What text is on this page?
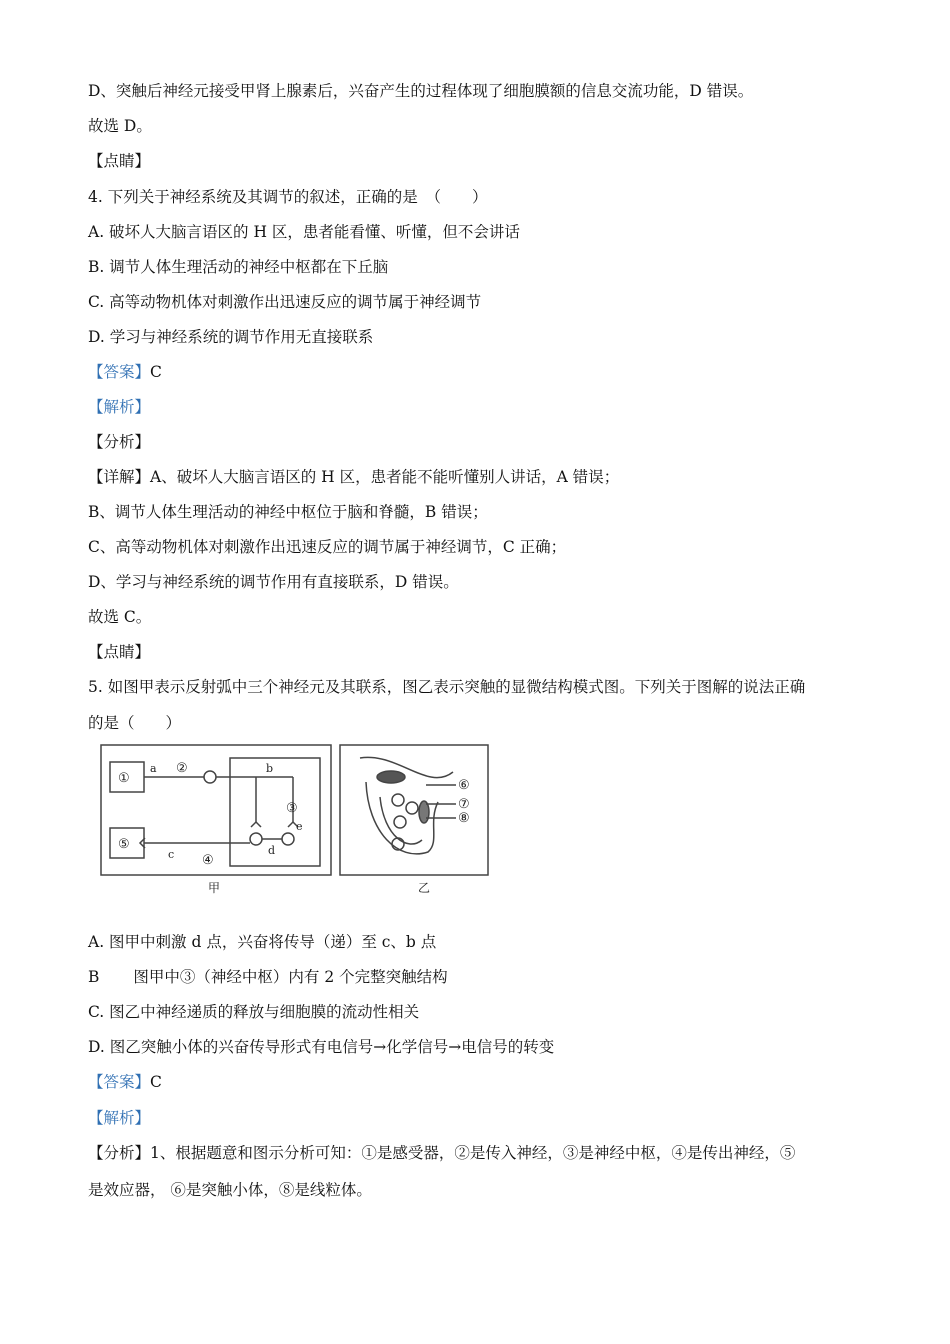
D、突触后神经元接受甲肾上腺素后，兴奋产生的过程体现了细胞膜额的信息交流功能，D 错误。
故选 D。
【点睛】
4. 下列关于神经系统及其调节的叙述，正确的是　（　　）
A. 破坏人大脑言语区的 H 区，患者能看懂、听懂，但不会讲话
B. 调节人体生理活动的神经中枢都在下丘脑
C. 高等动物机体对刺激作出迅速反应的调节属于神经调节
D. 学习与神经系统的调节作用无直接联系
【答案】C
【解析】
【分析】
【详解】A、破坏人大脑言语区的 H 区，患者能不能听懂别人讲话，A 错误；
B、调节人体生理活动的神经中枢位于脑和脊髓，B 错误；
C、高等动物机体对刺激作出迅速反应的调节属于神经调节，C 正确；
D、学习与神经系统的调节作用有直接联系，D 错误。
故选 C。
【点睛】
5. 如图甲表示反射弧中三个神经元及其联系，图乙表示突触的显微结构模式图。下列关于图解的说法正确
的是（　　）
①
⑤
②
④
③
a	b
c	d
e
⑥
⑦
⑧
甲	乙
A. 图甲中刺激 d 点，兴奋将传导（递）至 c、b 点
B 图甲中③（神经中枢）内有 2 个完整突触结构
C. 图乙中神经递质的释放与细胞膜的流动性相关
D. 图乙突触小体的兴奋传导形式有电信号→化学信号→电信号的转变
【答案】C
【解析】
【分析】1、根据题意和图示分析可知：①是感受器，②是传入神经，③是神经中枢，④是传出神经，⑤
是效应器， ⑥是突触小体，⑧是线粒体。
